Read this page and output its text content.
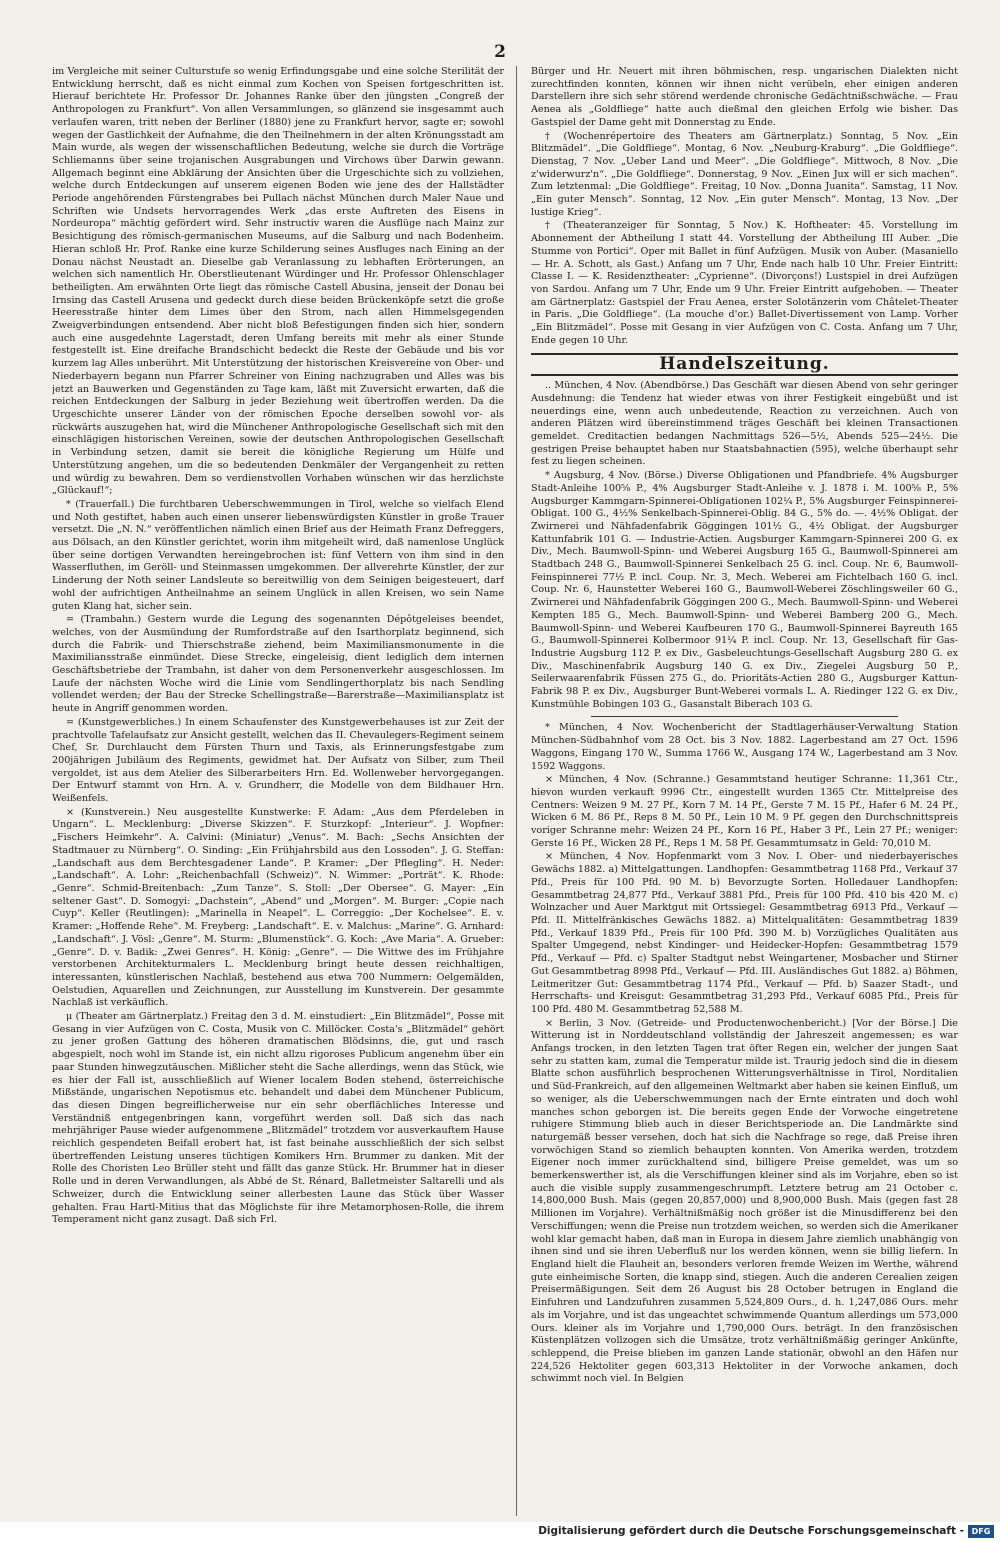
2

im Vergleiche mit seiner Culturstufe so wenig Erfindungsgabe und eine solche Sterilität der Entwicklung herrscht, daß es nicht einmal zum Kochen von Speisen fortgeschritten ist. Hierauf berichtete Hr. Professor Dr. Johannes Ranke über den jüngsten „Congreß der Anthropologen zu Frankfurt“. Von allen Versammlungen, so glänzend sie insgesammt auch verlaufen waren, tritt neben der Berliner (1880) jene zu Frankfurt hervor, sagte er; sowohl wegen der Gastlichkeit der Aufnahme, die den Theilnehmern in der alten Krönungsstadt am Main wurde, als wegen der wissenschaftlichen Bedeutung, welche sie durch die Vorträge Schliemanns über seine trojanischen Ausgrabungen und Virchows über Darwin gewann. Allgemach beginnt eine Abklärung der Ansichten über die Urgeschichte sich zu vollziehen, welche durch Entdeckungen auf unserem eigenen Boden wie jene des der Hallstädter Periode angehörenden Fürstengrabes bei Pullach nächst München durch Maler Naue und Schriften wie Undsets hervorragendes Werk „das erste Auftreten des Eisens in Nordeuropa“ mächtig gefördert wird. Sehr instructiv waren die Ausflüge nach Mainz zur Besichtigung des römisch-germanischen Museums, auf die Salburg und nach Bodenheim. Hieran schloß Hr. Prof. Ranke eine kurze Schilderung seines Ausfluges nach Eining an der Donau nächst Neustadt an. Dieselbe gab Veranlassung zu lebhaften Erörterungen, an welchen sich namentlich Hr. Oberstlieutenant Würdinger und Hr. Professor Ohlenschlager betheiligten. Am erwähnten Orte liegt das römische Castell Abusina, jenseit der Donau bei Irnsing das Castell Arusena und gedeckt durch diese beiden Brückenköpfe setzt die große Heeresstraße hinter dem Limes über den Strom, nach allen Himmelsgegenden Zweigverbindungen entsendend. Aber nicht bloß Befestigungen finden sich hier, sondern auch eine ausgedehnte Lagerstadt, deren Umfang bereits mit mehr als einer Stunde festgestellt ist. Eine dreifache Brandschicht bedeckt die Reste der Gebäude und bis vor kurzem lag Alles unberührt. Mit Unterstützung der historischen Kreisvereine von Ober- und Niederbayern begann nun Pfarrer Schreiner von Eining nachzugraben und Alles was bis jetzt an Bauwerken und Gegenständen zu Tage kam, läßt mit Zuversicht erwarten, daß die reichen Entdeckungen der Salburg in jeder Beziehung weit übertroffen werden. Da die Urgeschichte unserer Länder von der römischen Epoche derselben sowohl vor- als rückwärts auszugehen hat, wird die Münchener Anthropologische Gesellschaft sich mit den einschlägigen historischen Vereinen, sowie der deutschen Anthropologischen Gesellschaft in Verbindung setzen, damit sie bereit die königliche Regierung um Hülfe und Unterstützung angehen, um die so bedeutenden Denkmäler der Vergangenheit zu retten und würdig zu bewahren. Dem so verdienstvollen Vorhaben wünschen wir das herzlichste „Glückauf!“;

* (Trauerfall.) Die furchtbaren Ueberschwemmungen in Tirol, welche so vielfach Elend und Noth gestiftet, haben auch einen unserer liebenswürdigsten Künstler in große Trauer versetzt. Die „N. N.“ veröffentlichen nämlich einen Brief aus der Heimath Franz Defreggers, aus Dölsach, an den Künstler gerichtet, worin ihm mitgeheilt wird, daß namenlose Unglück über seine dortigen Verwandten hereingebrochen ist: fünf Vettern von ihm sind in den Wasserfluthen, im Geröll- und Steinmassen umgekommen. Der allverehrte Künstler, der zur Linderung der Noth seiner Landsleute so bereitwillig von dem Seinigen beigesteuert, darf wohl der aufrichtigen Antheilnahme an seinem Unglück in allen Kreisen, wo sein Name guten Klang hat, sicher sein.

= (Trambahn.) Gestern wurde die Legung des sogenannten Dépôtgeleises beendet, welches, von der Ausmündung der Rumfordstraße auf den Isarthorplatz beginnend, sich durch die Fabrik- und Thierschstraße ziehend, beim Maximiliansmonumente in die Maximiliansstraße einmündet. Diese Strecke, eingeleisig, dient lediglich dem internen Geschäftsbetriebe der Trambahn, ist daher von dem Personenverkehr ausgeschlossen. Im Laufe der nächsten Woche wird die Linie vom Sendlingerthorplatz bis nach Sendling vollendet werden; der Bau der Strecke Schellingstraße—Barerstraße—Maximiliansplatz ist heute in Angriff genommen worden.

= (Kunstgewerbliches.) In einem Schaufenster des Kunstgewerbehauses ist zur Zeit der prachtvolle Tafelaufsatz zur Ansicht gestellt, welchen das II. Chevaulegers-Regiment seinem Chef, Sr. Durchlaucht dem Fürsten Thurn und Taxis, als Erinnerungsfestgabe zum 200jährigen Jubiläum des Regiments, gewidmet hat. Der Aufsatz von Silber, zum Theil vergoldet, ist aus dem Atelier des Silberarbeiters Hrn. Ed. Wollenweber hervorgegangen. Der Entwurf stammt von Hrn. A. v. Grundherr, die Modelle von dem Bildhauer Hrn. Weißenfels.

× (Kunstverein.) Neu ausgestellte Kunstwerke: F. Adam: „Aus dem Pferdeleben in Ungarn“. L. Mecklenburg: „Diverse Skizzen“. F. Sturzkopf: „Interieur“. J. Wopfner: „Fischers Heimkehr“. A. Calvini: (Miniatur) „Venus“. M. Bach: „Sechs Ansichten der Stadtmauer zu Nürnberg“. O. Sinding: „Ein Frühjahrsbild aus den Lossoden“. J. G. Steffan: „Landschaft aus dem Berchtesgadener Lande“. P. Kramer: „Der Pflegling“. H. Neder: „Landschaft“. A. Lohr: „Reichenbachfall (Schweiz)“. N. Wimmer: „Porträt“. K. Rhode: „Genre“. Schmid-Breitenbach: „Zum Tanze“. S. Stoll: „Der Obersee“. G. Mayer: „Ein seltener Gast“. D. Somogyi: „Dachstein“, „Abend“ und „Morgen“. M. Burger: „Copie nach Cuyp“. Keller (Reutlingen): „Marinella in Neapel“. L. Correggio: „Der Kochelsee“. E. v. Kramer: „Hoffende Rehe“. M. Freyberg: „Landschaft“. E. v. Malchus: „Marine“. G. Arnhard: „Landschaft“. J. Vösl: „Genre“. M. Sturm: „Blumenstück“. G. Koch: „Ave Maria“. A. Grueber: „Genre“. D. v. Badik: „Zwei Genres“. H. König: „Genre“. — Die Wittwe des im Frühjahre verstorbenen Architekturmalers L. Mecklenburg bringt heute dessen reichhaltigen, interessanten, künstlerischen Nachlaß, bestehend aus etwa 700 Nummern: Oelgemälden, Oelstudien, Aquarellen und Zeichnungen, zur Ausstellung im Kunstverein. Der gesammte Nachlaß ist verkäuflich.

μ (Theater am Gärtnerplatz.) Freitag den 3 d. M. einstudiert: „Ein Blitzmädel“, Posse mit Gesang in vier Aufzügen von C. Costa, Musik von C. Millöcker. Costa's „Blitzmädel“ gehört zu jener großen Gattung des höheren dramatischen Blödsinns, die, gut und rasch abgespielt, noch wohl im Stande ist, ein nicht allzu rigoroses Publicum angenehm über ein paar Stunden hinwegzutäuschen. Mißlicher steht die Sache allerdings, wenn das Stück, wie es hier der Fall ist, ausschließlich auf Wiener localem Boden stehend, österreichische Mißstände, ungarischen Nepotismus etc. behandelt und dabei dem Münchener Publicum, das diesen Dingen begreiflicherweise nur ein sehr oberflächliches Interesse und Verständniß entgegenbringen kann, vorgeführt werden soll. Daß sich das nach mehrjähriger Pause wieder aufgenommene „Blitzmädel“ trotzdem vor ausverkauftem Hause reichlich gespendeten Beifall erobert hat, ist fast beinahe ausschließlich der sich selbst übertreffenden Leistung unseres tüchtigen Komikers Hrn. Brummer zu danken. Mit der Rolle des Choristen Leo Brüller steht und fällt das ganze Stück. Hr. Brummer hat in dieser Rolle und in deren Verwandlungen, als Abbé de St. Rénard, Balletmeister Saltarelli und als Schweizer, durch die Entwicklung seiner allerbesten Laune das Stück über Wasser gehalten. Frau Hartl-Mitius that das Möglichste für ihre Metamorphosen-Rolle, die ihrem Temperament nicht ganz zusagt. Daß sich Frl.

Bürger und Hr. Neuert mit ihren böhmischen, resp. ungarischen Dialekten nicht zurechtfinden konnten, können wir ihnen nicht verübeln, eher einigen anderen Darstellern ihre sich sehr störend werdende chronische Gedächtnißschwäche. — Frau Aenea als „Goldfliege“ hatte auch dießmal den gleichen Erfolg wie bisher. Das Gastspiel der Dame geht mit Donnerstag zu Ende.

† (Wochenrépertoire des Theaters am Gärtnerplatz.) Sonntag, 5 Nov. „Ein Blitzmädel“. „Die Goldfliege“. Montag, 6 Nov. „Neuburg-Kraburg“. „Die Goldfliege“. Dienstag, 7 Nov. „Ueber Land und Meer“. „Die Goldfliege“. Mittwoch, 8 Nov. „Die z'widerwurz'n“. „Die Goldfliege“. Donnerstag, 9 Nov. „Einen Jux will er sich machen“. Zum letztenmal: „Die Goldfliege“. Freitag, 10 Nov. „Donna Juanita“. Samstag, 11 Nov. „Ein guter Mensch“. Sonntag, 12 Nov. „Ein guter Mensch“. Montag, 13 Nov. „Der lustige Krieg“.

† (Theateranzeiger für Sonntag, 5 Nov.) K. Hoftheater: 45. Vorstellung im Abonnement der Abtheilung I statt 44. Vorstellung der Abtheilung III Auber. „Die Stumme von Portici“. Oper mit Ballet in fünf Aufzügen. Musik von Auber. (Masaniello — Hr. A. Schott, als Gast.) Anfang um 7 Uhr, Ende nach halb 10 Uhr. Freier Eintritt: Classe I. — K. Residenztheater: „Cyprienne“. (Divorçons!) Lustspiel in drei Aufzügen von Sardou. Anfang um 7 Uhr, Ende um 9 Uhr. Freier Eintritt aufgehoben. — Theater am Gärtnerplatz: Gastspiel der Frau Aenea, erster Solotänzerin vom Châtelet-Theater in Paris. „Die Goldfliege“. (La mouche d'or.) Ballet-Divertissement von Lamp. Vorher „Ein Blitzmädel“. Posse mit Gesang in vier Aufzügen von C. Costa. Anfang um 7 Uhr, Ende gegen 10 Uhr.

Handelszeitung.

.. München, 4 Nov. (Abendbörse.) Das Geschäft war diesen Abend von sehr geringer Ausdehnung: die Tendenz hat wieder etwas von ihrer Festigkeit eingebüßt und ist neuerdings eine, wenn auch unbedeutende, Reaction zu verzeichnen. Auch von anderen Plätzen wird übereinstimmend träges Geschäft bei kleinen Transactionen gemeldet. Creditactien bedangen Nachmittags 526—5½, Abends 525—24½. Die gestrigen Preise behauptet haben nur Staatsbahnactien (595), welche überhaupt sehr fest zu liegen scheinen.

* Augsburg, 4 Nov. (Börse.) Diverse Obligationen und Pfandbriefe. 4% Augsburger Stadt-Anleihe 100⅝ P., 4% Augsburger Stadt-Anleihe v. J. 1878 i. M. 100⅝ P., 5% Augsburger Kammgarn-Spinnerei-Obligationen 102¼ P., 5% Augsburger Feinspinnerei-Obligat. 100 G., 4½% Senkelbach-Spinnerei-Oblig. 84 G., 5% do. —. 4½% Obligat. der Zwirnerei und Nähfadenfabrik Göggingen 101½ G., 4½ Obligat. der Augsburger Kattunfabrik 101 G. — Industrie-Actien. Augsburger Kammgarn-Spinnerei 200 G. ex Div., Mech. Baumwoll-Spinn- und Weberei Augsburg 165 G., Baumwoll-Spinnerei am Stadtbach 248 G., Baumwoll-Spinnerei Senkelbach 25 G. incl. Coup. Nr. 6, Baumwoll-Feinspinnerei 77½ P. incl. Coup. Nr. 3, Mech. Weberei am Fichtelbach 160 G. incl. Coup. Nr. 6, Haunstetter Weberei 160 G., Baumwoll-Weberei Zöschlingsweiler 60 G., Zwirnerei und Nähfadenfabrik Göggingen 200 G., Mech. Baumwoll-Spinn- und Weberei Kempten 185 G., Mech. Baumwoll-Spinn- und Weberei Bamberg 200 G., Mech. Baumwoll-Spinn- und Weberei Kaufbeuren 170 G., Baumwoll-Spinnerei Bayreuth 165 G., Baumwoll-Spinnerei Kolbermoor 91¼ P. incl. Coup. Nr. 13, Gesellschaft für Gas-Industrie Augsburg 112 P. ex Div., Gasbeleuchtungs-Gesellschaft Augsburg 280 G. ex Div., Maschinenfabrik Augsburg 140 G. ex Div., Ziegelei Augsburg 50 P., Seilerwaarenfabrik Füssen 275 G., do. Prioritäts-Actien 280 G., Augsburger Kattun-Fabrik 98 P. ex Div., Augsburger Bunt-Weberei vormals L. A. Riedinger 122 G. ex Div., Kunstmühle Bobingen 103 G., Gasanstalt Biberach 103 G.

* München, 4 Nov. Wochenbericht der Stadtlagerhäuser-Verwaltung Station München-Südbahnhof vom 28 Oct. bis 3 Nov. 1882. Lagerbestand am 27 Oct. 1596 Waggons, Eingang 170 W., Summa 1766 W., Ausgang 174 W., Lagerbestand am 3 Nov. 1592 Waggons.

× München, 4 Nov. (Schranne.) Gesammtstand heutiger Schranne: 11,361 Ctr., hievon wurden verkauft 9996 Ctr., eingestellt wurden 1365 Ctr. Mittelpreise des Centners: Weizen 9 M. 27 Pf., Korn 7 M. 14 Pf., Gerste 7 M. 15 Pf., Hafer 6 M. 24 Pf., Wicken 6 M. 86 Pf., Reps 8 M. 50 Pf., Lein 10 M. 9 Pf. gegen den Durchschnittspreis voriger Schranne mehr: Weizen 24 Pf., Korn 16 Pf., Haber 3 Pf., Lein 27 Pf.; weniger: Gerste 16 Pf., Wicken 28 Pf., Reps 1 M. 58 Pf. Gesammtumsatz in Geld: 70,010 M.

× München, 4 Nov. Hopfenmarkt vom 3 Nov. I. Ober- und niederbayerisches Gewächs 1882. a) Mittelgattungen. Landhopfen: Gesammtbetrag 1168 Pfd., Verkauf 37 Pfd., Preis für 100 Pfd. 90 M. b) Bevorzugte Sorten. Holledauer Landhopfen: Gesammtbetrag 24,877 Pfd., Verkauf 3881 Pfd., Preis für 100 Pfd. 410 bis 420 M. c) Wolnzacher und Auer Marktgut mit Ortssiegel: Gesammtbetrag 6913 Pfd., Verkauf — Pfd. II. Mittelfränkisches Gewächs 1882. a) Mittelqualitäten: Gesammtbetrag 1839 Pfd., Verkauf 1839 Pfd., Preis für 100 Pfd. 390 M. b) Vorzügliches Qualitäten aus Spalter Umgegend, nebst Kindinger- und Heidecker-Hopfen: Gesammtbetrag 1579 Pfd., Verkauf — Pfd. c) Spalter Stadtgut nebst Weingartener, Mosbacher und Stirner Gut Gesammtbetrag 8998 Pfd., Verkauf — Pfd. III. Ausländisches Gut 1882. a) Böhmen, Leitmeritzer Gut: Gesammtbetrag 1174 Pfd., Verkauf — Pfd. b) Saazer Stadt-, und Herrschafts- und Kreisgut: Gesammtbetrag 31,293 Pfd., Verkauf 6085 Pfd., Preis für 100 Pfd. 480 M. Gesammtbetrag 52,588 M.

× Berlin, 3 Nov. (Getreide- und Productenwochenbericht.) [Vor der Börse.] Die Witterung ist in Norddeutschland vollständig der Jahreszeit angemessen; es war Anfangs trocken, in den letzten Tagen trat öfter Regen ein, welcher der jungen Saat sehr zu statten kam, zumal die Temperatur milde ist. Traurig jedoch sind die in diesem Blatte schon ausführlich besprochenen Witterungsverhältnisse in Tirol, Norditalien und Süd-Frankreich, auf den allgemeinen Weltmarkt aber haben sie keinen Einfluß, um so weniger, als die Ueberschwemmungen nach der Ernte eintraten und doch wohl manches schon geborgen ist. Die bereits gegen Ende der Vorwoche eingetretene ruhigere Stimmung blieb auch in dieser Berichtsperiode an. Die Landmärkte sind naturgemäß besser versehen, doch hat sich die Nachfrage so rege, daß Preise ihren vorwöchigen Stand so ziemlich behaupten konnten. Von Amerika werden, trotzdem Eigener noch immer zurückhaltend sind, billigere Preise gemeldet, was um so bemerkenswerther ist, als die Verschiffungen kleiner sind als im Vorjahre, eben so ist auch die visible supply zusammengeschrumpft. Letztere betrug am 21 October c. 14,800,000 Bush. Mais (gegen 20,857,000) und 8,900,000 Bush. Mais (gegen fast 28 Millionen im Vorjahre). Verhältnißmäßig noch größer ist die Minusdifferenz bei den Verschiffungen; wenn die Preise nun trotzdem weichen, so werden sich die Amerikaner wohl klar gemacht haben, daß man in Europa in diesem Jahre ziemlich unabhängig von ihnen sind und sie ihren Ueberfluß nur los werden können, wenn sie billig liefern. In England hielt die Flauheit an, besonders verloren fremde Weizen im Werthe, während gute einheimische Sorten, die knapp sind, stiegen. Auch die anderen Cerealien zeigen Preisermäßigungen. Seit dem 26 August bis 28 October betrugen in England die Einfuhren und Landzufuhren zusammen 5,524,809 Ours., d. h. 1,247,086 Ours. mehr als im Vorjahre, und ist das ungeachtet schwimmende Quantum allerdings um 573,000 Ours. kleiner als im Vorjahre und 1,790,000 Ours. beträgt. In den französischen Küstenplätzen vollzogen sich die Umsätze, trotz verhältnißmäßig geringer Ankünfte, schleppend, die Preise blieben im ganzen Lande stationär, obwohl an den Häfen nur 224,526 Hektoliter gegen 603,313 Hektoliter in der Vorwoche ankamen, doch schwimmt noch viel. In Belgien

Digitalisierung gefördert durch die Deutsche Forschungsgemeinschaft - DFG
